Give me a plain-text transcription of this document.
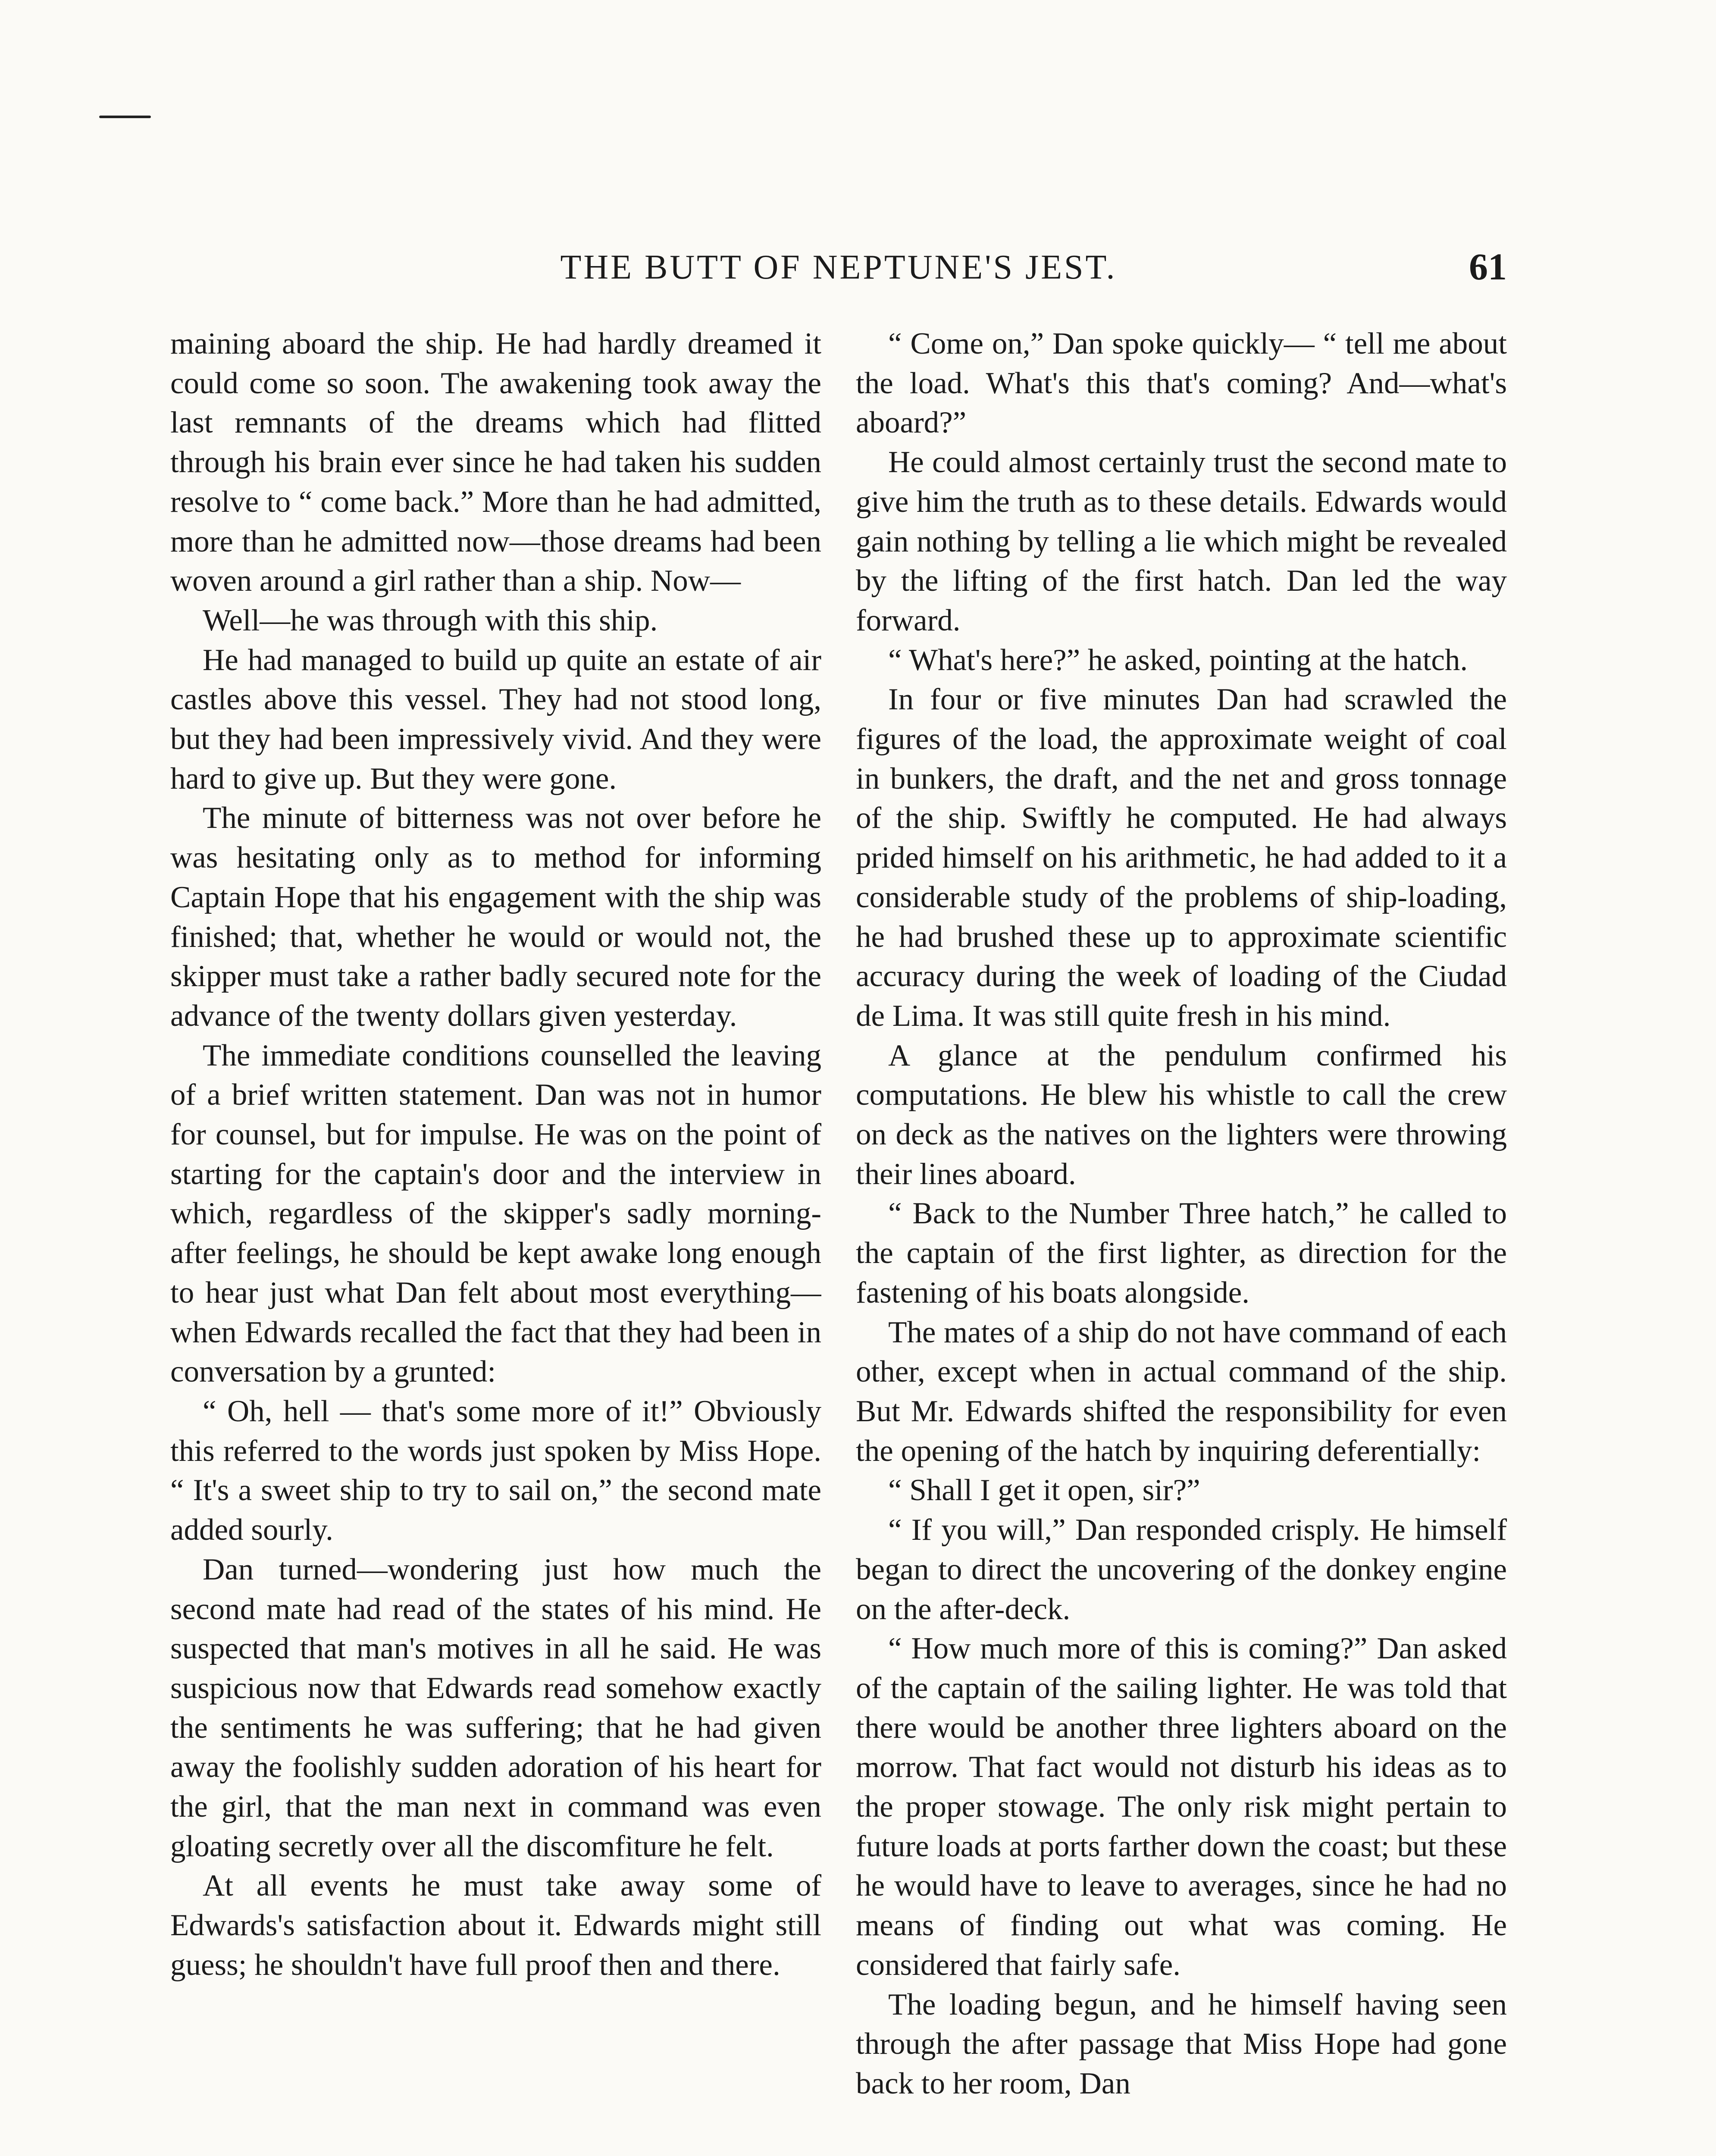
THE BUTT OF NEPTUNE'S JEST.	61

maining aboard the ship. He had hardly dreamed it could come so soon. The awakening took away the last remnants of the dreams which had flitted through his brain ever since he had taken his sudden resolve to “ come back.” More than he had admitted, more than he admitted now—those dreams had been woven around a girl rather than a ship. Now—

Well—he was through with this ship.

He had managed to build up quite an estate of air castles above this vessel. They had not stood long, but they had been impressively vivid. And they were hard to give up. But they were gone.

The minute of bitterness was not over before he was hesitating only as to method for informing Captain Hope that his engagement with the ship was finished; that, whether he would or would not, the skipper must take a rather badly secured note for the advance of the twenty dollars given yesterday.

The immediate conditions counselled the leaving of a brief written statement. Dan was not in humor for counsel, but for impulse. He was on the point of starting for the captain's door and the interview in which, regardless of the skipper's sadly morning-after feelings, he should be kept awake long enough to hear just what Dan felt about most everything—when Edwards recalled the fact that they had been in conversation by a grunted:

“ Oh, hell — that's some more of it!” Obviously this referred to the words just spoken by Miss Hope. “ It's a sweet ship to try to sail on,” the second mate added sourly.

Dan turned—wondering just how much the second mate had read of the states of his mind. He suspected that man's motives in all he said. He was suspicious now that Edwards read somehow exactly the sentiments he was suffering; that he had given away the foolishly sudden adoration of his heart for the girl, that the man next in command was even gloating secretly over all the discomfiture he felt.

At all events he must take away some of Edwards's satisfaction about it. Edwards might still guess; he shouldn't have full proof then and there.

“ Come on,” Dan spoke quickly— “ tell me about the load. What's this that's coming? And—what's aboard?”

He could almost certainly trust the second mate to give him the truth as to these details. Edwards would gain nothing by telling a lie which might be revealed by the lifting of the first hatch. Dan led the way forward.

“ What's here?” he asked, pointing at the hatch.

In four or five minutes Dan had scrawled the figures of the load, the approximate weight of coal in bunkers, the draft, and the net and gross tonnage of the ship. Swiftly he computed. He had always prided himself on his arithmetic, he had added to it a considerable study of the problems of ship-loading, he had brushed these up to approximate scientific accuracy during the week of loading of the Ciudad de Lima. It was still quite fresh in his mind.

A glance at the pendulum confirmed his computations. He blew his whistle to call the crew on deck as the natives on the lighters were throwing their lines aboard.

“ Back to the Number Three hatch,” he called to the captain of the first lighter, as direction for the fastening of his boats alongside.

The mates of a ship do not have command of each other, except when in actual command of the ship. But Mr. Edwards shifted the responsibility for even the opening of the hatch by inquiring deferentially:

“ Shall I get it open, sir?”

“ If you will,” Dan responded crisply. He himself began to direct the uncovering of the donkey engine on the after-deck.

“ How much more of this is coming?” Dan asked of the captain of the sailing lighter. He was told that there would be another three lighters aboard on the morrow. That fact would not disturb his ideas as to the proper stowage. The only risk might pertain to future loads at ports farther down the coast; but these he would have to leave to averages, since he had no means of finding out what was coming. He considered that fairly safe.

The loading begun, and he himself having seen through the after passage that Miss Hope had gone back to her room, Dan
